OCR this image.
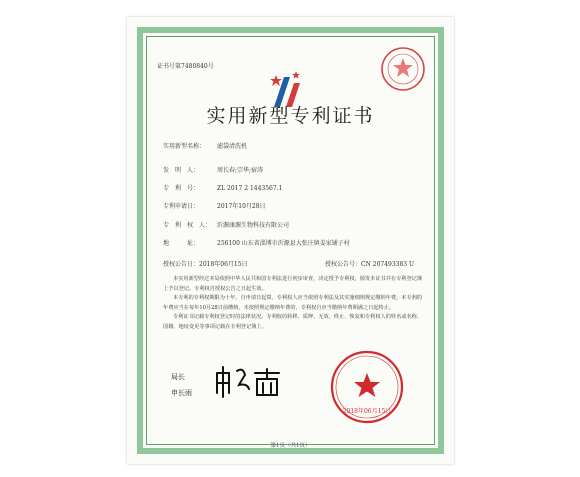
证书号第7480840号
实用新型专利证书
实用新型名称： 滤袋清洗机
发　明　人：	周长春;宗华;宿涛
专　利　号：	ZL 2017 2 1443567.1
专利申请日：	2017年10月28日
专　利　权　人： 沂源康源生物科技有限公司
地　　　址：	256100 山东省淄博市沂源县大张庄镇姜家铺子村
授权公告日：2018年06月15日	授权公告号：CN 207493383 U
本实用新型经过本局依照中华人民共和国专利法进行初步审查，决定授予专利权，颁发本证书并在专利登记簿上予以登记。专利权自授权公告之日起生效。
本专利的专利权期限为十年，自申请日起算。专利权人应当依照专利法及其实施细则规定缴纳年费。本专利的年费应当在每年10月28日前缴纳。未按照规定缴纳年费的，专利权自应当缴纳年费期满之日起终止。
专利证书记载专利权登记时的法律状况。专利权的转移、质押、无效、终止、恢复和专利权人的姓名或名称、国籍、地址变更等事项记载在专利登记簿上。
局长
申长雨
2018年06月15日
第1页（共1页）
